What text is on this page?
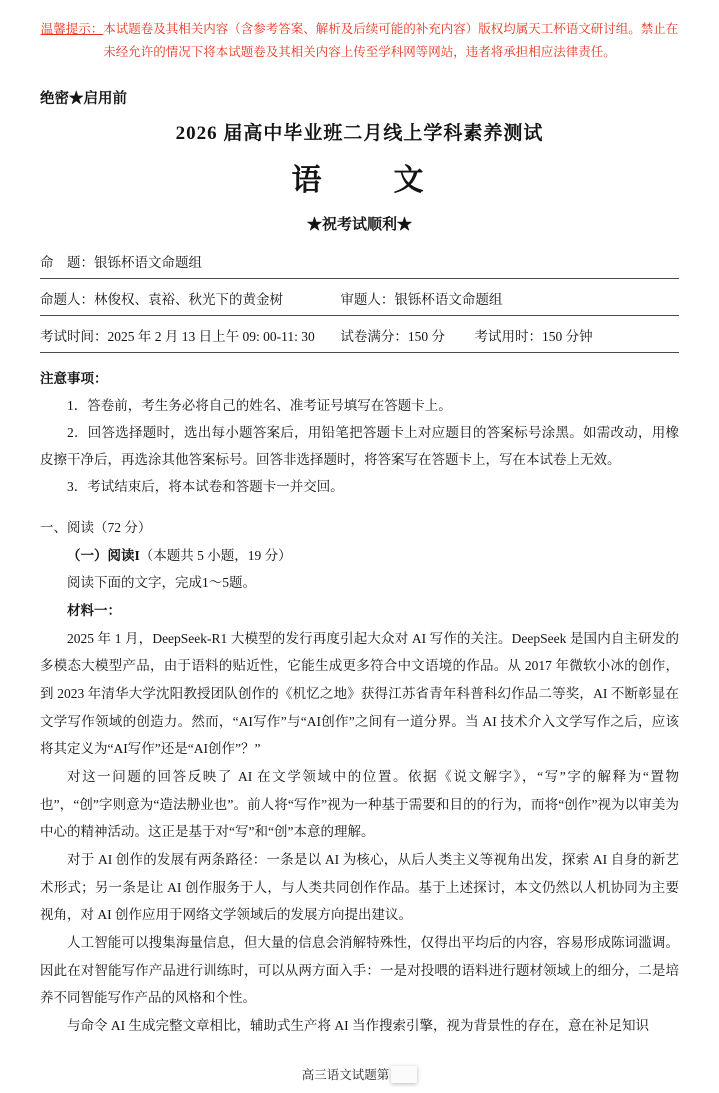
温馨提示：本试题卷及其相关内容（含参考答案、解析及后续可能的补充内容）版权均属天工杯语文研讨组。禁止在未经允许的情况下将本试题卷及其相关内容上传至学科网等网站，违者将承担相应法律责任。
绝密★启用前
2026 届高中毕业班二月线上学科素养测试
语　　文
★祝考试顺利★
命　题：银铄杯语文命题组
命题人：林俊权、袁裕、秋光下的黄金树	审题人：银铄杯语文命题组
考试时间：2025 年 2 月 13 日上午 09: 00-11: 30	试卷满分：150 分	考试用时：150 分钟
注意事项：

1．答卷前，考生务必将自己的姓名、准考证号填写在答题卡上。

2．回答选择题时，选出每小题答案后，用铅笔把答题卡上对应题目的答案标号涂黑。如需改动，用橡皮擦干净后，再选涂其他答案标号。回答非选择题时，将答案写在答题卡上，写在本试卷上无效。

3．考试结束后，将本试卷和答题卡一并交回。

一、阅读（72 分）
（一）阅读I（本题共 5 小题，19 分）

阅读下面的文字，完成1～5题。

材料一：

2025 年 1 月，DeepSeek-R1 大模型的发行再度引起大众对 AI 写作的关注。DeepSeek 是国内自主研发的多模态大模型产品，由于语料的贴近性，它能生成更多符合中文语境的作品。从 2017 年微软小冰的创作，到 2023 年清华大学沈阳教授团队创作的《机忆之地》获得江苏省青年科普科幻作品二等奖，AI 不断彰显在文学写作领域的创造力。然而，“AI写作”与“AI创作”之间有一道分界。当 AI 技术介入文学写作之后，应该将其定义为“AI写作”还是“AI创作”？”

对这一问题的回答反映了 AI 在文学领域中的位置。依据《说文解字》，“写”字的解释为“置物也”，“创”字则意为“造法刱业也”。前人将“写作”视为一种基于需要和目的的行为，而将“创作”视为以审美为中心的精神活动。这正是基于对“写”和“创”本意的理解。

对于 AI 创作的发展有两条路径：一条是以 AI 为核心，从后人类主义等视角出发，探索 AI 自身的新艺术形式；另一条是让 AI 创作服务于人，与人类共同创作作品。基于上述探讨，本文仍然以人机协同为主要视角，对 AI 创作应用于网络文学领域后的发展方向提出建议。

人工智能可以搜集海量信息，但大量的信息会消解特殊性，仅得出平均后的内容，容易形成陈词滥调。因此在对智能写作产品进行训练时，可以从两方面入手：一是对投喂的语料进行题材领域上的细分，二是培养不同智能写作产品的风格和个性。

与命令 AI 生成完整文章相比，辅助式生产将 AI 当作搜索引擎，视为背景性的存在，意在补足知识

高三语文试题第
